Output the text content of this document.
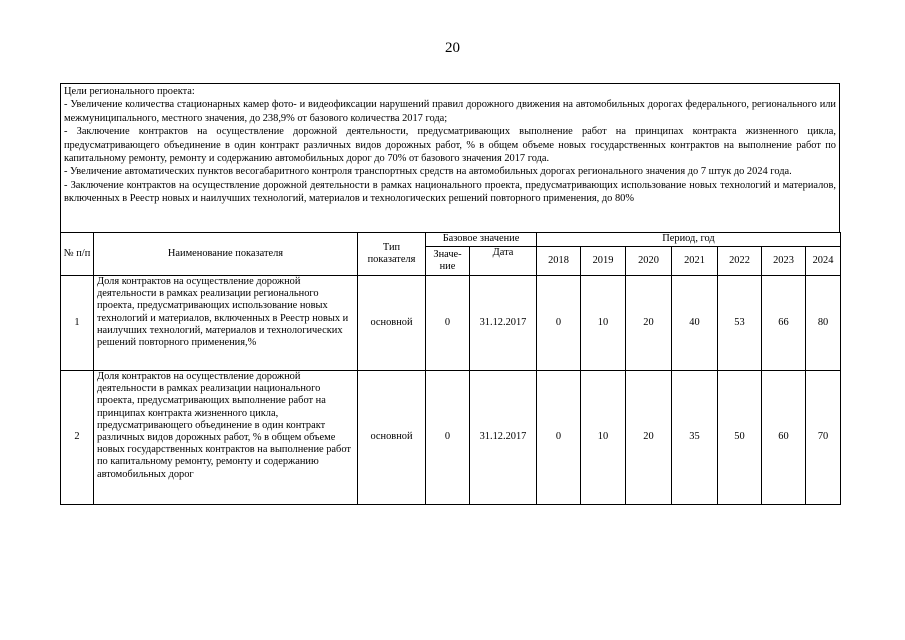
20

Цели регионального проекта:

- Увеличение количества стационарных камер фото- и видеофиксации нарушений правил дорожного движения на автомобильных дорогах федерального, регионального или межмуниципального, местного значения, до 238,9% от базового количества 2017 года;

- Заключение контрактов на осуществление дорожной деятельности, предусматривающих выполнение работ на принципах контракта жизненного цикла, предусматривающего объединение в один контракт различных видов дорожных работ, % в общем объеме новых государственных контрактов на выполнение работ по капитальному ремонту, ремонту и содержанию автомобильных дорог до 70% от базового значения 2017 года.

- Увеличение автоматических пунктов весогабаритного контроля транспортных средств на автомобильных дорогах регионального значения до 7 штук до 2024 года.

- Заключение контрактов на осуществление дорожной деятельности в рамках национального проекта, предусматривающих использование новых технологий и материалов, включенных в Реестр новых и наилучших технологий, материалов и технологических решений повторного применения, до 80%

№ п/п	Наименование показателя	Тип показателя	Базовое значение		Период, год						
			Значе-ние	Дата	2018	2019	2020	2021	2022	2023	2024
1	Доля контрактов на осуществление дорожной деятельности в рамках реализации регионального проекта, предусматривающих использование новых технологий и материалов, включенных в Реестр новых и наилучших технологий, материалов и технологических решений повторного применения,%	основной	0	31.12.2017	0	10	20	40	53	66	80
2	Доля контрактов на осуществление дорожной деятельности в рамках реализации национального проекта, предусматривающих выполнение работ на принципах контракта жизненного цикла, предусматривающего объединение в один контракт различных видов дорожных работ, % в общем объеме новых государственных контрактов на выполнение работ по капитальному ремонту, ремонту и содержанию автомобильных дорог	основной	0	31.12.2017	0	10	20	35	50	60	70
